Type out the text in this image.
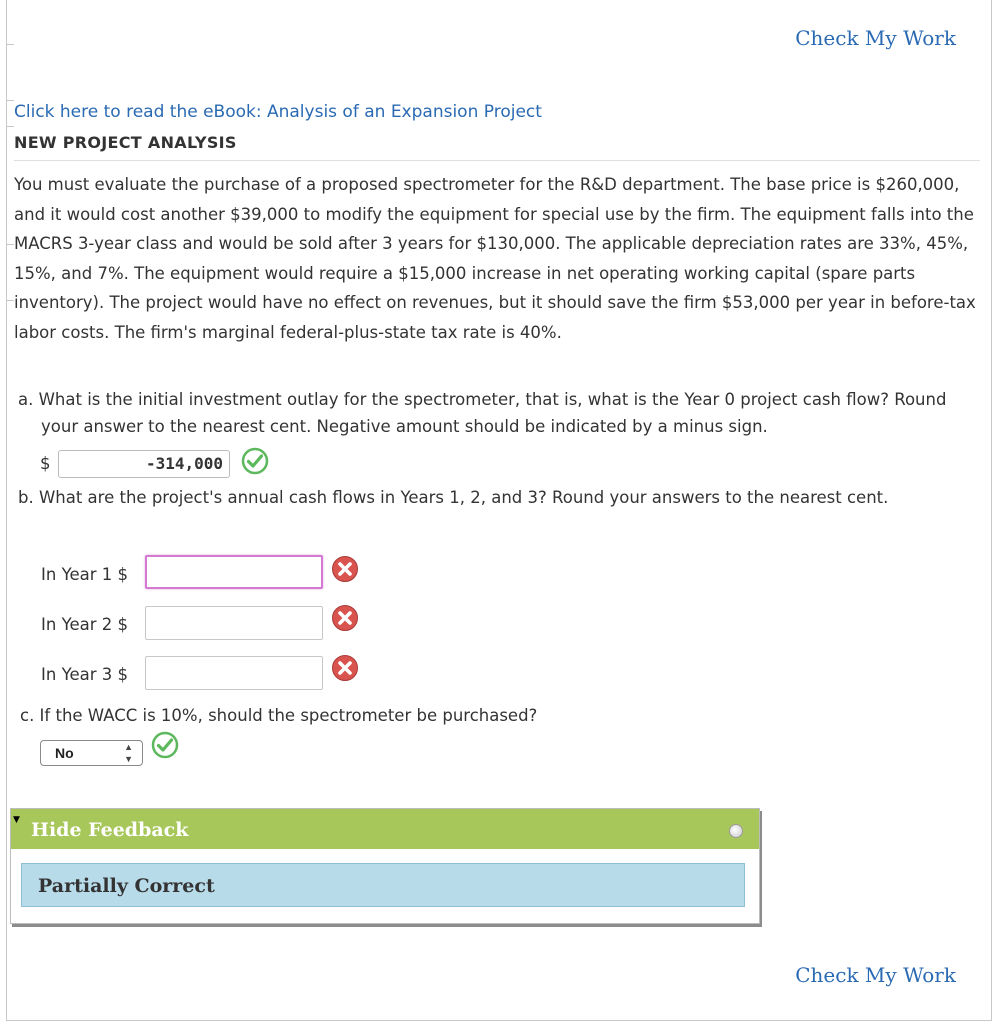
Check My Work
Click here to read the eBook: Analysis of an Expansion Project
NEW PROJECT ANALYSIS

You must evaluate the purchase of a proposed spectrometer for the R&D department. The base price is $260,000, and it would cost another $39,000 to modify the equipment for special use by the firm. The equipment falls into the MACRS 3-year class and would be sold after 3 years for $130,000. The applicable depreciation rates are 33%, 45%, 15%, and 7%. The equipment would require a $15,000 increase in net operating working capital (spare parts inventory). The project would have no effect on revenues, but it should save the firm $53,000 per year in before-tax labor costs. The firm's marginal federal-plus-state tax rate is 40%.

a. What is the initial investment outlay for the spectrometer, that is, what is the Year 0 project cash flow? Round your answer to the nearest cent. Negative amount should be indicated by a minus sign.

$	-314,000

b. What are the project's annual cash flows in Years 1, 2, and 3? Round your answers to the nearest cent.

In Year 1 $
In Year 2 $
In Year 3 $

c. If the WACC is 10%, should the spectrometer be purchased?

No	▲
▼
▼ Hide Feedback
Partially Correct
Check My Work
